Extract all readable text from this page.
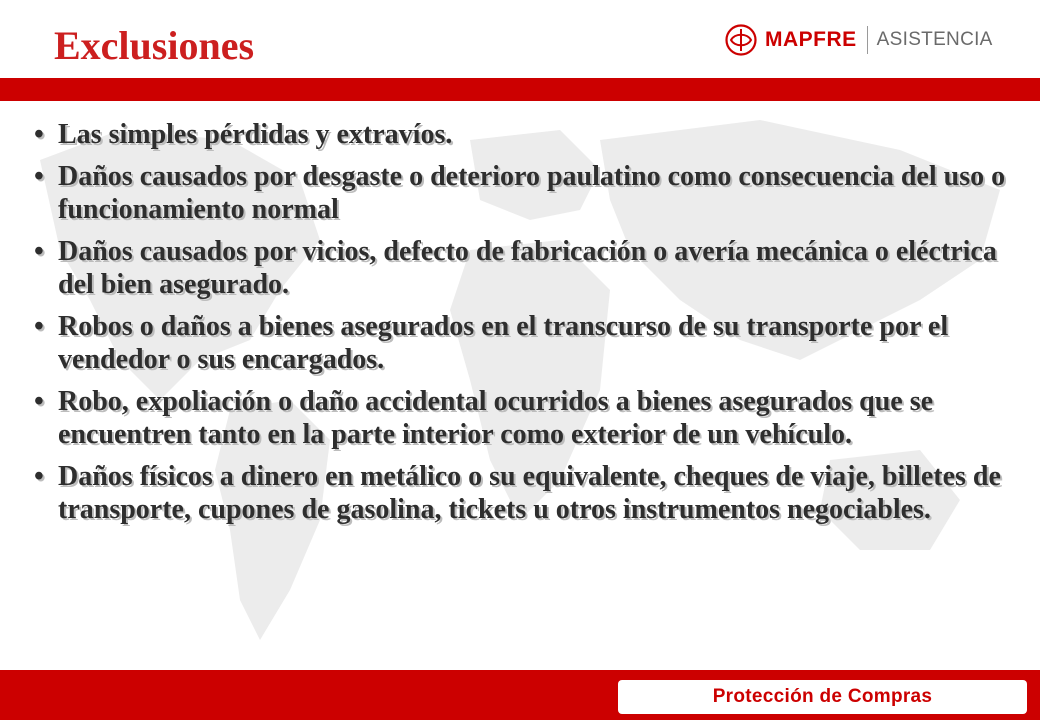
Exclusiones	MAPFRE ASISTENCIA
• Las simples pérdidas y extravíos.
• Daños causados por desgaste o deterioro paulatino como consecuencia del uso o funcionamiento normal
• Daños causados por vicios, defecto de fabricación o avería mecánica o eléctrica del bien asegurado.
• Robos o daños a bienes asegurados en el transcurso de su transporte por el vendedor o sus encargados.
• Robo, expoliación o daño accidental ocurridos a bienes asegurados que se encuentren tanto en la parte interior como exterior de un vehículo.
• Daños físicos a dinero en metálico o su equivalente, cheques de viaje, billetes de transporte, cupones de gasolina, tickets u otros instrumentos negociables.
Protección de Compras
